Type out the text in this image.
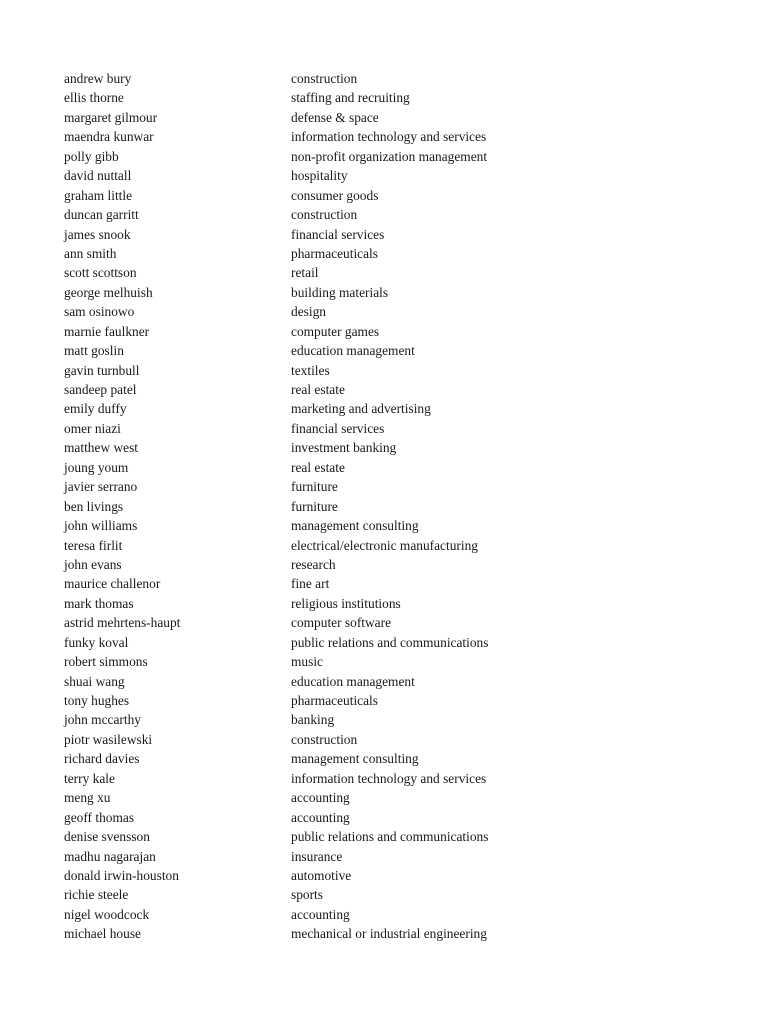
andrew bury	construction
ellis thorne	staffing and recruiting
margaret gilmour	defense & space
maendra kunwar	information technology and services
polly gibb	non-profit organization management
david nuttall	hospitality
graham little	consumer goods
duncan garritt	construction
james snook	financial services
ann smith	pharmaceuticals
scott scottson	retail
george melhuish	building materials
sam osinowo	design
marnie faulkner	computer games
matt goslin	education management
gavin turnbull	textiles
sandeep patel	real estate
emily duffy	marketing and advertising
omer niazi	financial services
matthew west	investment banking
joung youm	real estate
javier serrano	furniture
ben livings	furniture
john williams	management consulting
teresa firlit	electrical/electronic manufacturing
john evans	research
maurice challenor	fine art
mark thomas	religious institutions
astrid mehrtens-haupt	computer software
funky koval	public relations and communications
robert simmons	music
shuai wang	education management
tony hughes	pharmaceuticals
john mccarthy	banking
piotr wasilewski	construction
richard davies	management consulting
terry kale	information technology and services
meng xu	accounting
geoff thomas	accounting
denise svensson	public relations and communications
madhu nagarajan	insurance
donald irwin-houston	automotive
richie steele	sports
nigel woodcock	accounting
michael house	mechanical or industrial engineering
